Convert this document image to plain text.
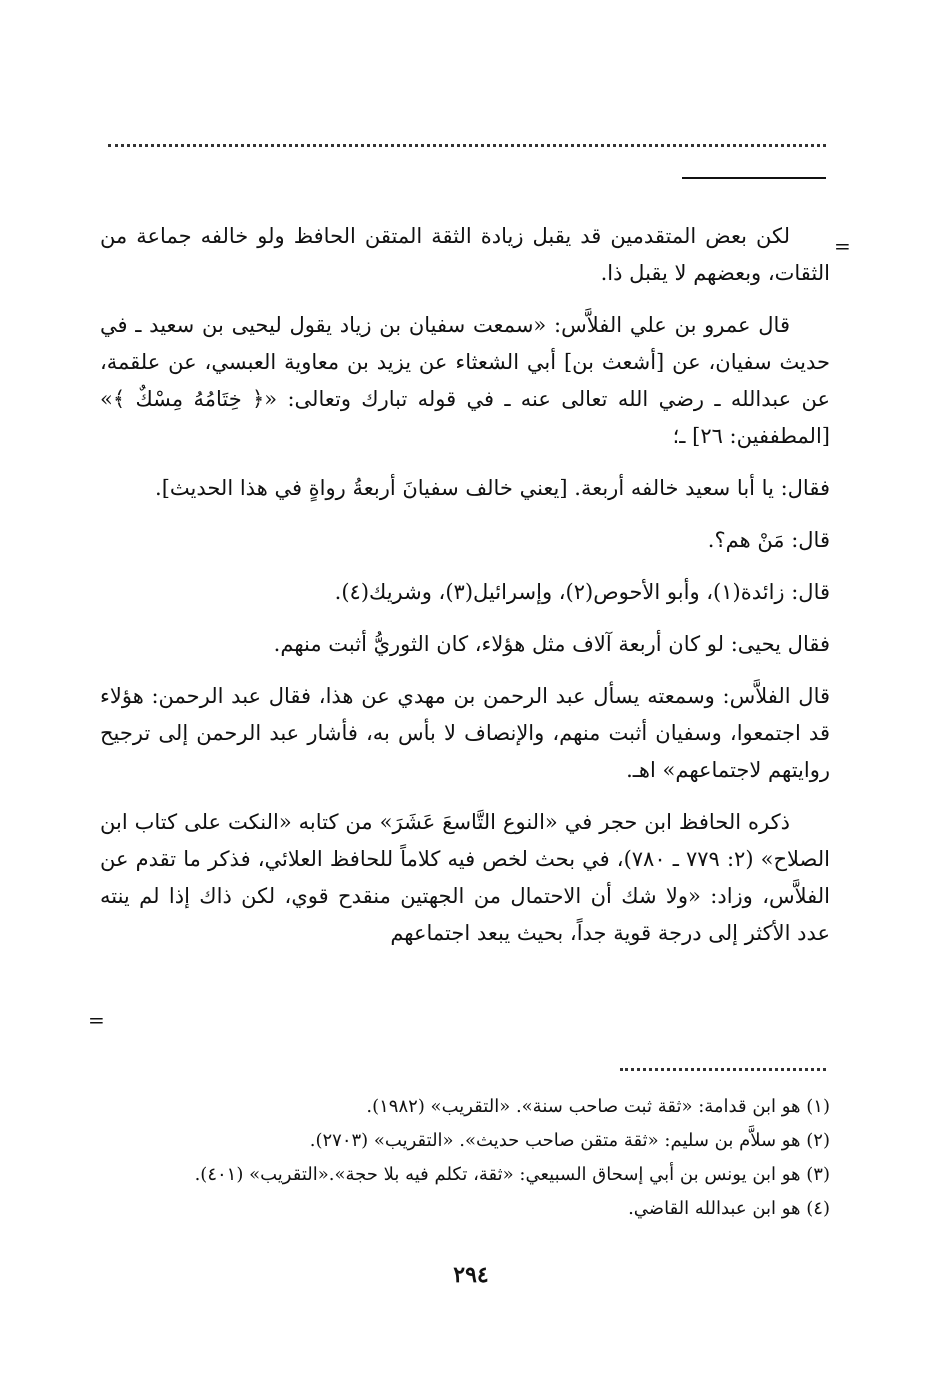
=

لكن بعض المتقدمين قد يقبل زيادة الثقة المتقن الحافظ ولو خالفه جماعة من الثقات، وبعضهم لا يقبل ذا.

قال عمرو بن علي الفلاَّس: «سمعت سفيان بن زياد يقول ليحيى بن سعيد ـ في حديث سفيان، عن [أشعث بن] أبي الشعثاء عن يزيد بن معاوية العبسي، عن علقمة، عن عبدالله ـ رضي الله تعالى عنه ـ في قوله تبارك وتعالى: «﴿ خِتَامُهُ مِسْكٌ ﴾» [المطففين: ٢٦] ـ؛

فقال: يا أبا سعيد خالفه أربعة. [يعني خالف سفيانَ أربعةُ رواةٍ في هذا الحديث].

قال: مَنْ هم؟.

قال: زائدة(١)، وأبو الأحوص(٢)، وإسرائيل(٣)، وشريك(٤).

فقال يحيى: لو كان أربعة آلاف مثل هؤلاء، كان الثوريُّ أثبت منهم.

قال الفلاَّس: وسمعته يسأل عبد الرحمن بن مهدي عن هذا، فقال عبد الرحمن: هؤلاء قد اجتمعوا، وسفيان أثبت منهم، والإنصاف لا بأس به، فأشار عبد الرحمن إلى ترجيح روايتهم لاجتماعهم» اهـ.

ذكره الحافظ ابن حجر في «النوع التَّاسعَ عَشَرَ» من كتابه «النكت على كتاب ابن الصلاح» (٢: ٧٧٩ ـ ٧٨٠)، في بحث لخص فيه كلاماً للحافظ العلائي، فذكر ما تقدم عن الفلاَّس، وزاد: «ولا شك أن الاحتمال من الجهتين منقدح قوي، لكن ذاك إذا لم ينته عدد الأكثر إلى درجة قوية جداً، بحيث يبعد اجتماعهم

=
(١) هو ابن قدامة: «ثقة ثبت صاحب سنة». «التقريب» (١٩٨٢).
(٢) هو سلاَّم بن سليم: «ثقة متقن صاحب حديث». «التقريب» (٢٧٠٣).
(٣) هو ابن يونس بن أبي إسحاق السبيعي: «ثقة، تكلم فيه بلا حجة».«التقريب» (٤٠١).
(٤) هو ابن عبدالله القاضي.
٢٩٤
